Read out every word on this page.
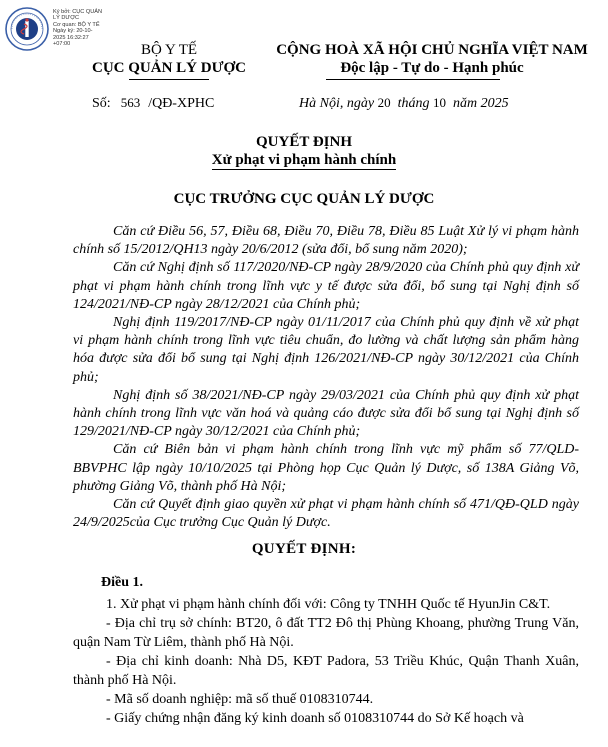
Ký bởi: CỤC QUẢN
LÝ DƯỢC
Cơ quan: BỘ Y TẾ
Ngày ký: 20-10-
2025 16:32:27
+07:00	BỘ Y TẾ
CỤC QUẢN LÝ DƯỢC
CỘNG HOÀ XÃ HỘI CHỦ NGHĨA VIỆT NAM
Độc lập - Tự do - Hạnh phúc
Số: 563 /QĐ-XPHC	Hà Nội, ngày 20 tháng 10 năm 2025
QUYẾT ĐỊNH
Xử phạt vi phạm hành chính
CỤC TRƯỞNG CỤC QUẢN LÝ DƯỢC

Căn cứ Điều 56, 57, Điều 68, Điều 70, Điều 78, Điều 85 Luật Xử lý vi phạm hành chính số 15/2012/QH13 ngày 20/6/2012 (sửa đổi, bổ sung năm 2020);

Căn cứ Nghị định số 117/2020/NĐ-CP ngày 28/9/2020 của Chính phủ quy định xử phạt vi phạm hành chính trong lĩnh vực y tế được sửa đổi, bổ sung tại Nghị định số 124/2021/NĐ-CP ngày 28/12/2021 của Chính phủ;

Nghị định 119/2017/NĐ-CP ngày 01/11/2017 của Chính phủ quy định về xử phạt vi phạm hành chính trong lĩnh vực tiêu chuẩn, đo lường và chất lượng sản phẩm hàng hóa được sửa đổi bổ sung tại Nghị định 126/2021/NĐ-CP ngày 30/12/2021 của Chính phủ;

Nghị định số 38/2021/NĐ-CP ngày 29/03/2021 của Chính phủ quy định xử phạt hành chính trong lĩnh vực văn hoá và quảng cáo được sửa đổi bổ sung tại Nghị định số 129/2021/NĐ-CP ngày 30/12/2021 của Chính phủ;

Căn cứ Biên bản vi phạm hành chính trong lĩnh vực mỹ phẩm số 77/QLD-BBVPHC lập ngày 10/10/2025 tại Phòng họp Cục Quản lý Dược, số 138A Giảng Võ, phường Giảng Võ, thành phố Hà Nội;

Căn cứ Quyết định giao quyền xử phạt vi phạm hành chính số 471/QĐ-QLD ngày 24/9/2025của Cục trưởng Cục Quản lý Dược.

QUYẾT ĐỊNH:
Điều 1.

1. Xử phạt vi phạm hành chính đối với: Công ty TNHH Quốc tế HyunJin C&T.

- Địa chỉ trụ sở chính: BT20, ô đất TT2 Đô thị Phùng Khoang, phường Trung Văn, quận Nam Từ Liêm, thành phố Hà Nội.

- Địa chỉ kinh doanh: Nhà D5, KĐT Padora, 53 Triều Khúc, Quận Thanh Xuân, thành phố Hà Nội.

- Mã số doanh nghiệp: mã số thuế 0108310744.

- Giấy chứng nhận đăng ký kinh doanh số 0108310744 do Sở Kế hoạch và
